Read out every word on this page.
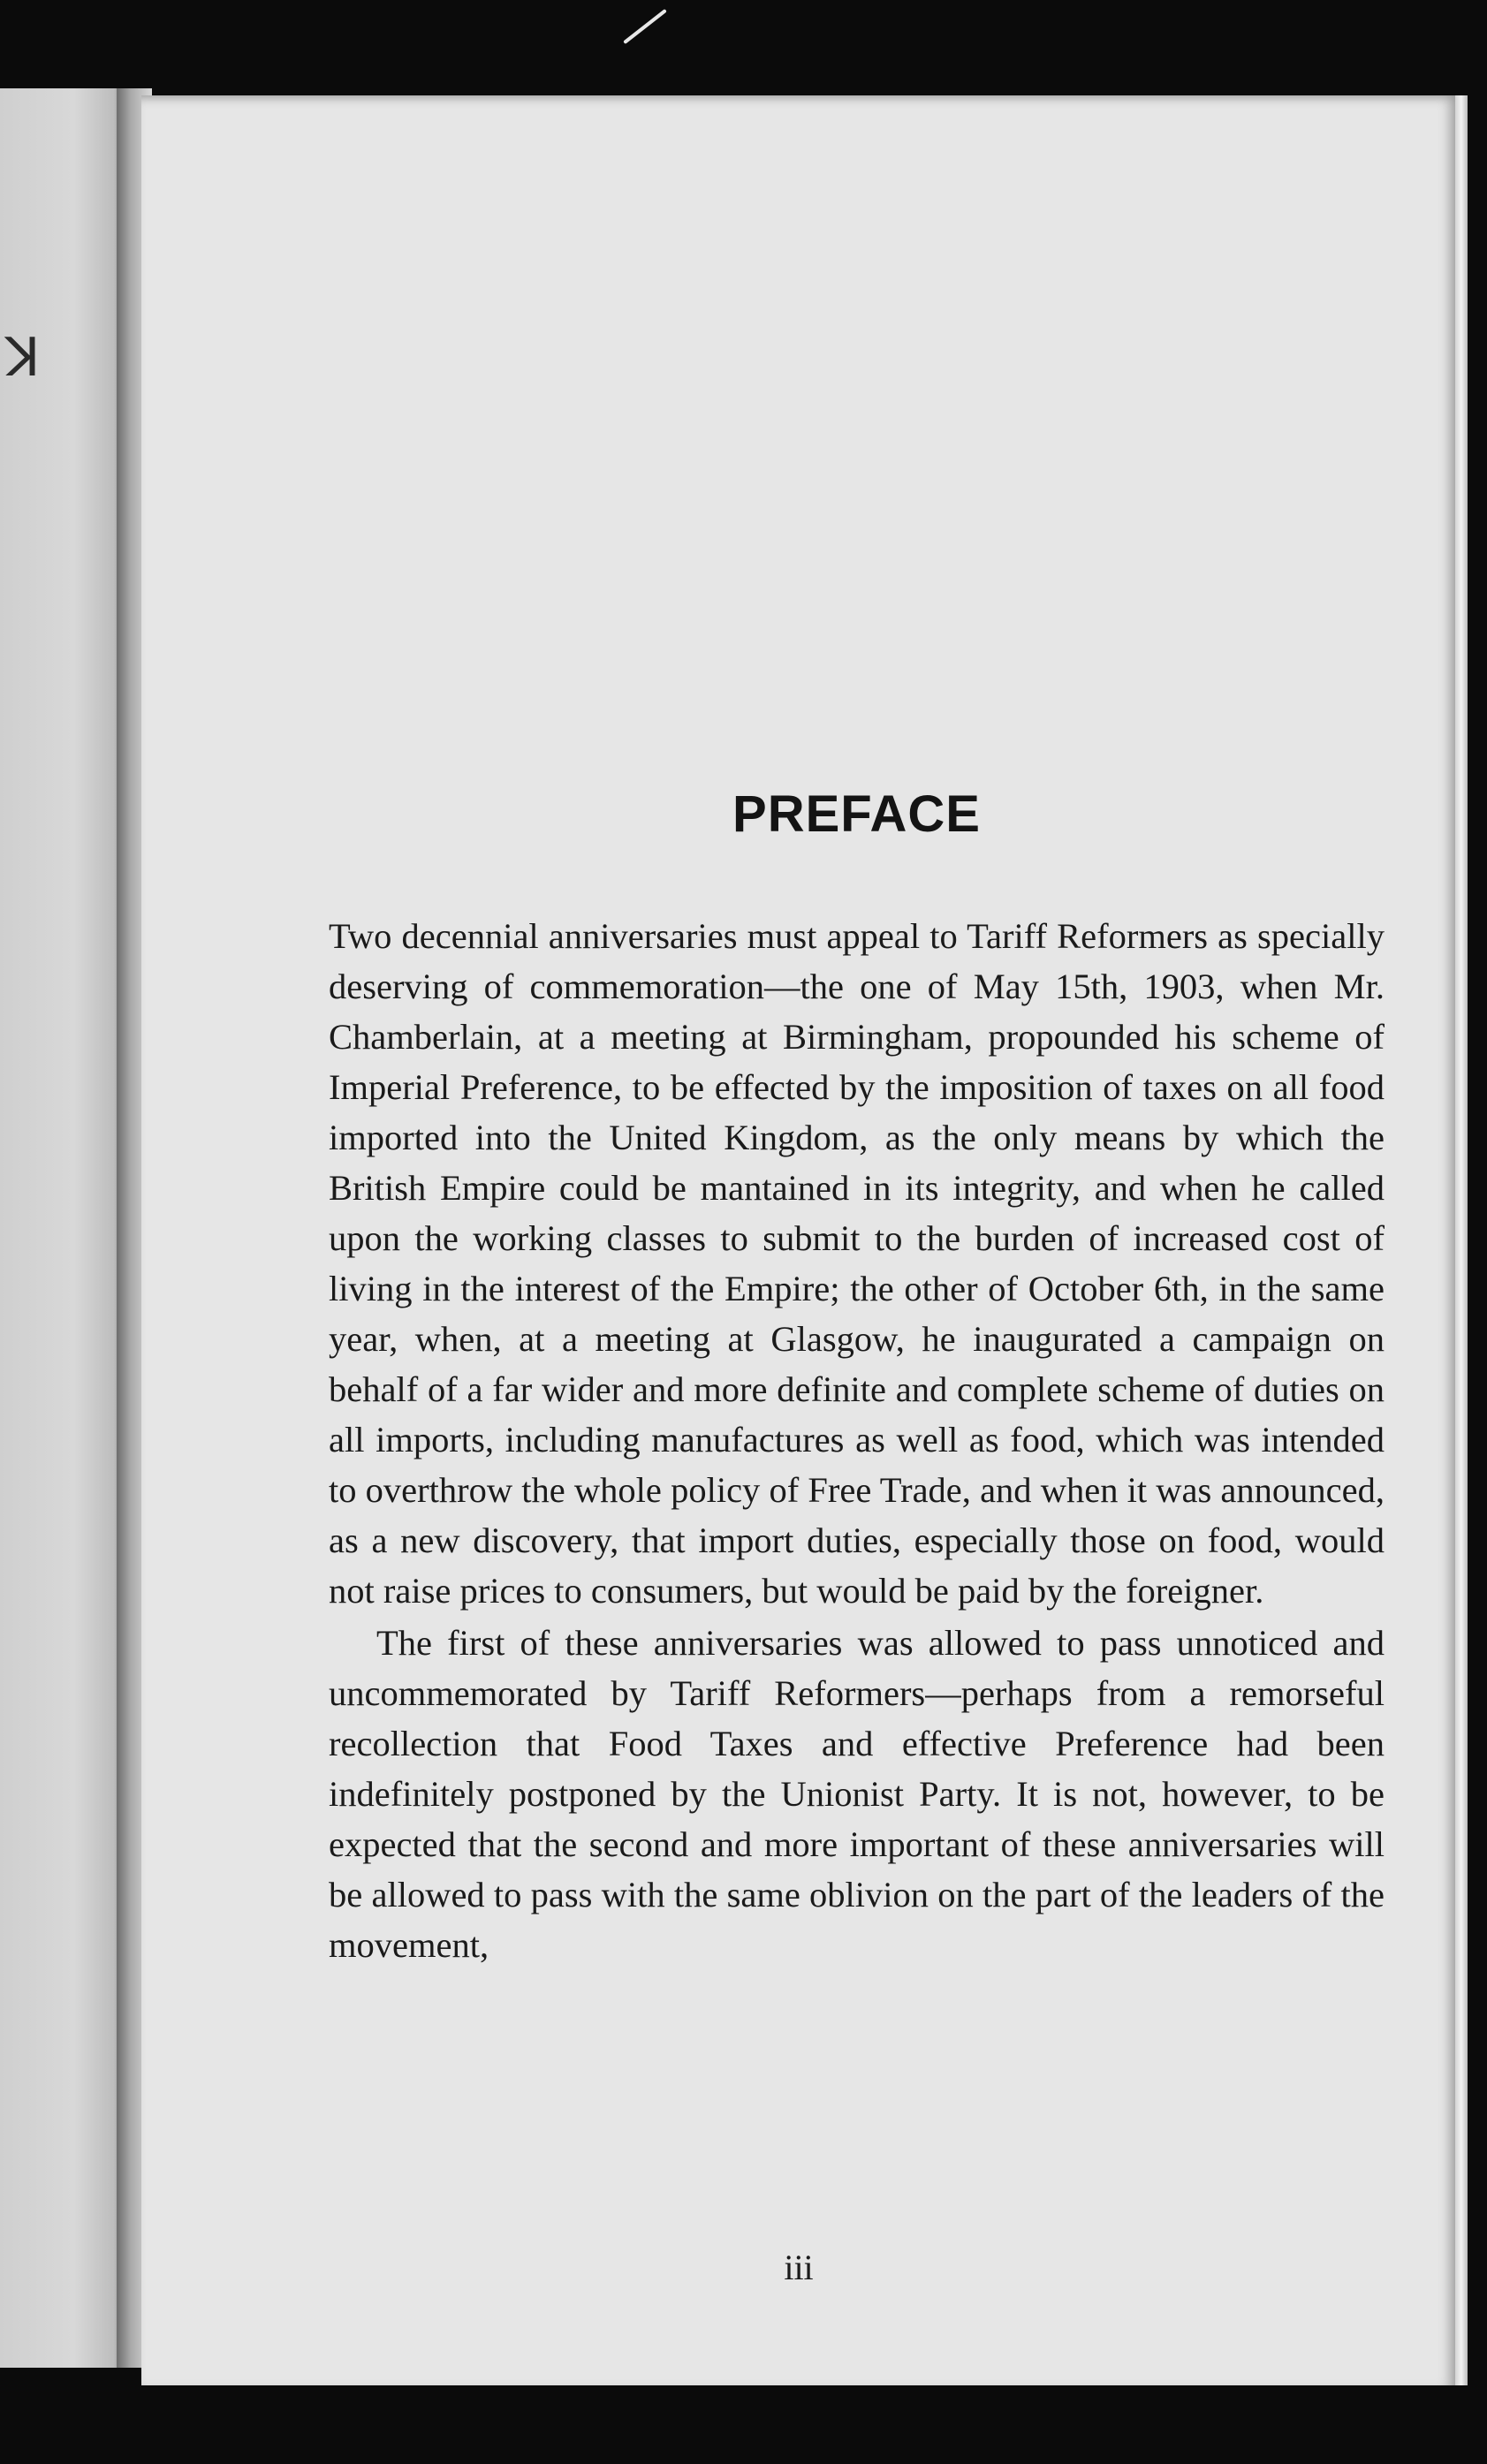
ꓘ
PREFACE

Two decennial anniversaries must appeal to Tariff Reformers as specially deserving of commemoration—the one of May 15th, 1903, when Mr. Chamberlain, at a meeting at Birmingham, propounded his scheme of Imperial Preference, to be effected by the imposition of taxes on all food imported into the United Kingdom, as the only means by which the British Empire could be mantained in its integrity, and when he called upon the working classes to submit to the burden of increased cost of living in the interest of the Empire; the other of October 6th, in the same year, when, at a meeting at Glasgow, he inaugurated a campaign on behalf of a far wider and more definite and complete scheme of duties on all imports, including manufactures as well as food, which was intended to overthrow the whole policy of Free Trade, and when it was announced, as a new discovery, that import duties, especially those on food, would not raise prices to consumers, but would be paid by the foreigner.

The first of these anniversaries was allowed to pass unnoticed and uncommemorated by Tariff Reformers—perhaps from a remorseful recollection that Food Taxes and effective Preference had been indefinitely postponed by the Unionist Party. It is not, however, to be expected that the second and more important of these anniversaries will be allowed to pass with the same oblivion on the part of the leaders of the movement,

iii
